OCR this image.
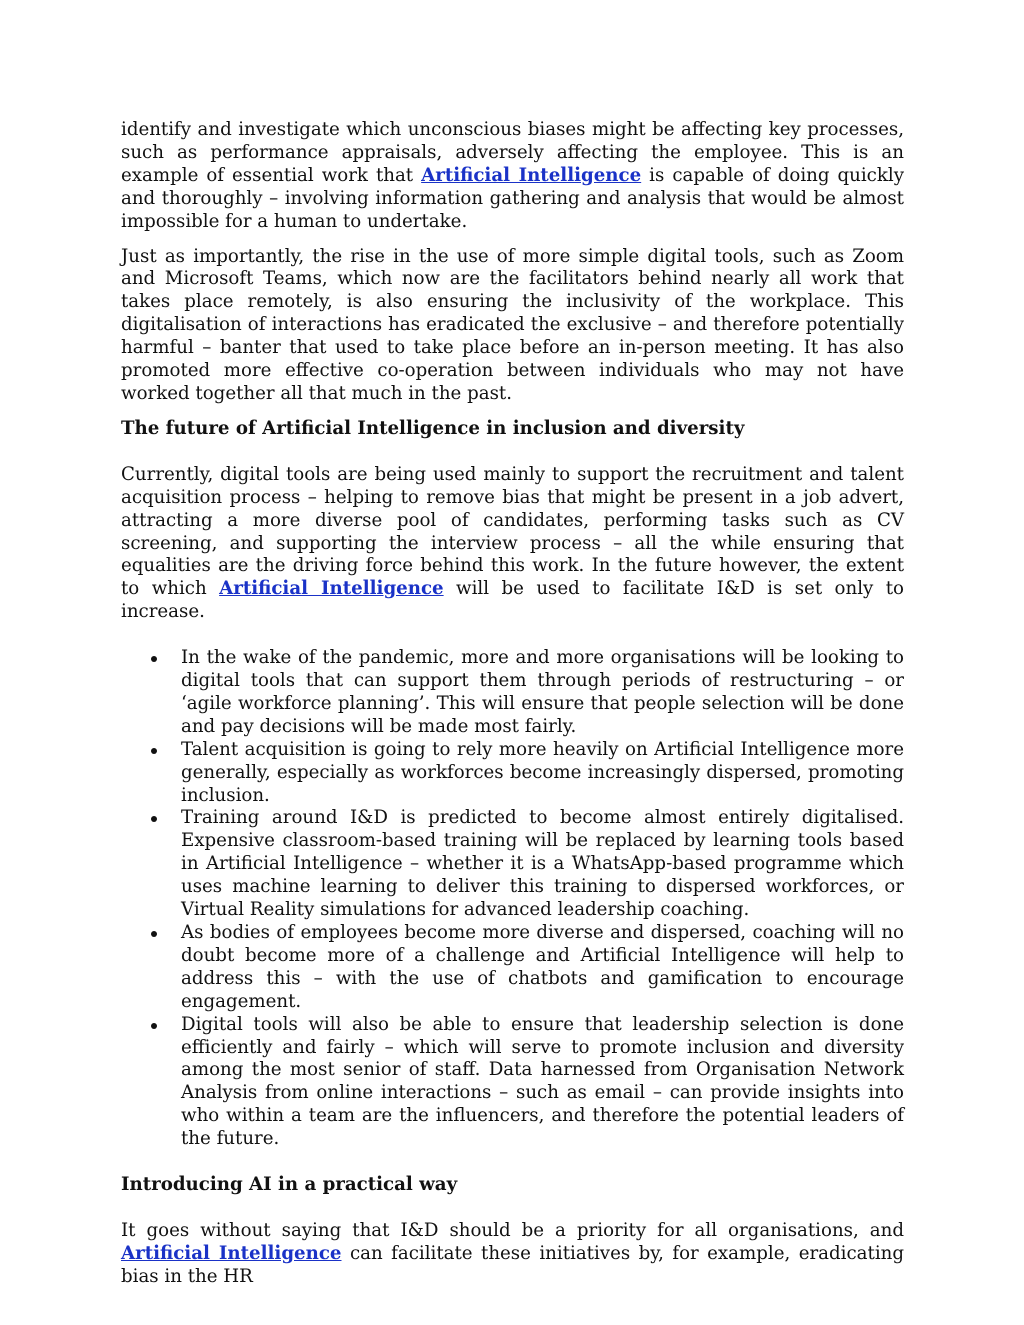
identify and investigate which unconscious biases might be affecting key processes, such as performance appraisals, adversely affecting the employee. This is an example of essential work that Artificial Intelligence is capable of doing quickly and thoroughly – involving information gathering and analysis that would be almost impossible for a human to undertake.

Just as importantly, the rise in the use of more simple digital tools, such as Zoom and Microsoft Teams, which now are the facilitators behind nearly all work that takes place remotely, is also ensuring the inclusivity of the workplace. This digitalisation of interactions has eradicated the exclusive – and therefore potentially harmful – banter that used to take place before an in-person meeting. It has also promoted more effective co-operation between individuals who may not have worked together all that much in the past.

The future of Artificial Intelligence in inclusion and diversity

Currently, digital tools are being used mainly to support the recruitment and talent acquisition process – helping to remove bias that might be present in a job advert, attracting a more diverse pool of candidates, performing tasks such as CV screening, and supporting the interview process – all the while ensuring that equalities are the driving force behind this work. In the future however, the extent to which Artificial Intelligence will be used to facilitate I&D is set only to increase.

In the wake of the pandemic, more and more organisations will be looking to digital tools that can support them through periods of restructuring – or ‘agile workforce planning’. This will ensure that people selection will be done and pay decisions will be made most fairly.
Talent acquisition is going to rely more heavily on Artificial Intelligence more generally, especially as workforces become increasingly dispersed, promoting inclusion.
Training around I&D is predicted to become almost entirely digitalised. Expensive classroom-based training will be replaced by learning tools based in Artificial Intelligence – whether it is a WhatsApp-based programme which uses machine learning to deliver this training to dispersed workforces, or Virtual Reality simulations for advanced leadership coaching.
As bodies of employees become more diverse and dispersed, coaching will no doubt become more of a challenge and Artificial Intelligence will help to address this – with the use of chatbots and gamification to encourage engagement.
Digital tools will also be able to ensure that leadership selection is done efficiently and fairly – which will serve to promote inclusion and diversity among the most senior of staff. Data harnessed from Organisation Network Analysis from online interactions – such as email – can provide insights into who within a team are the influencers, and therefore the potential leaders of the future.
Introducing AI in a practical way

It goes without saying that I&D should be a priority for all organisations, and Artificial Intelligence can facilitate these initiatives by, for example, eradicating bias in the HR
